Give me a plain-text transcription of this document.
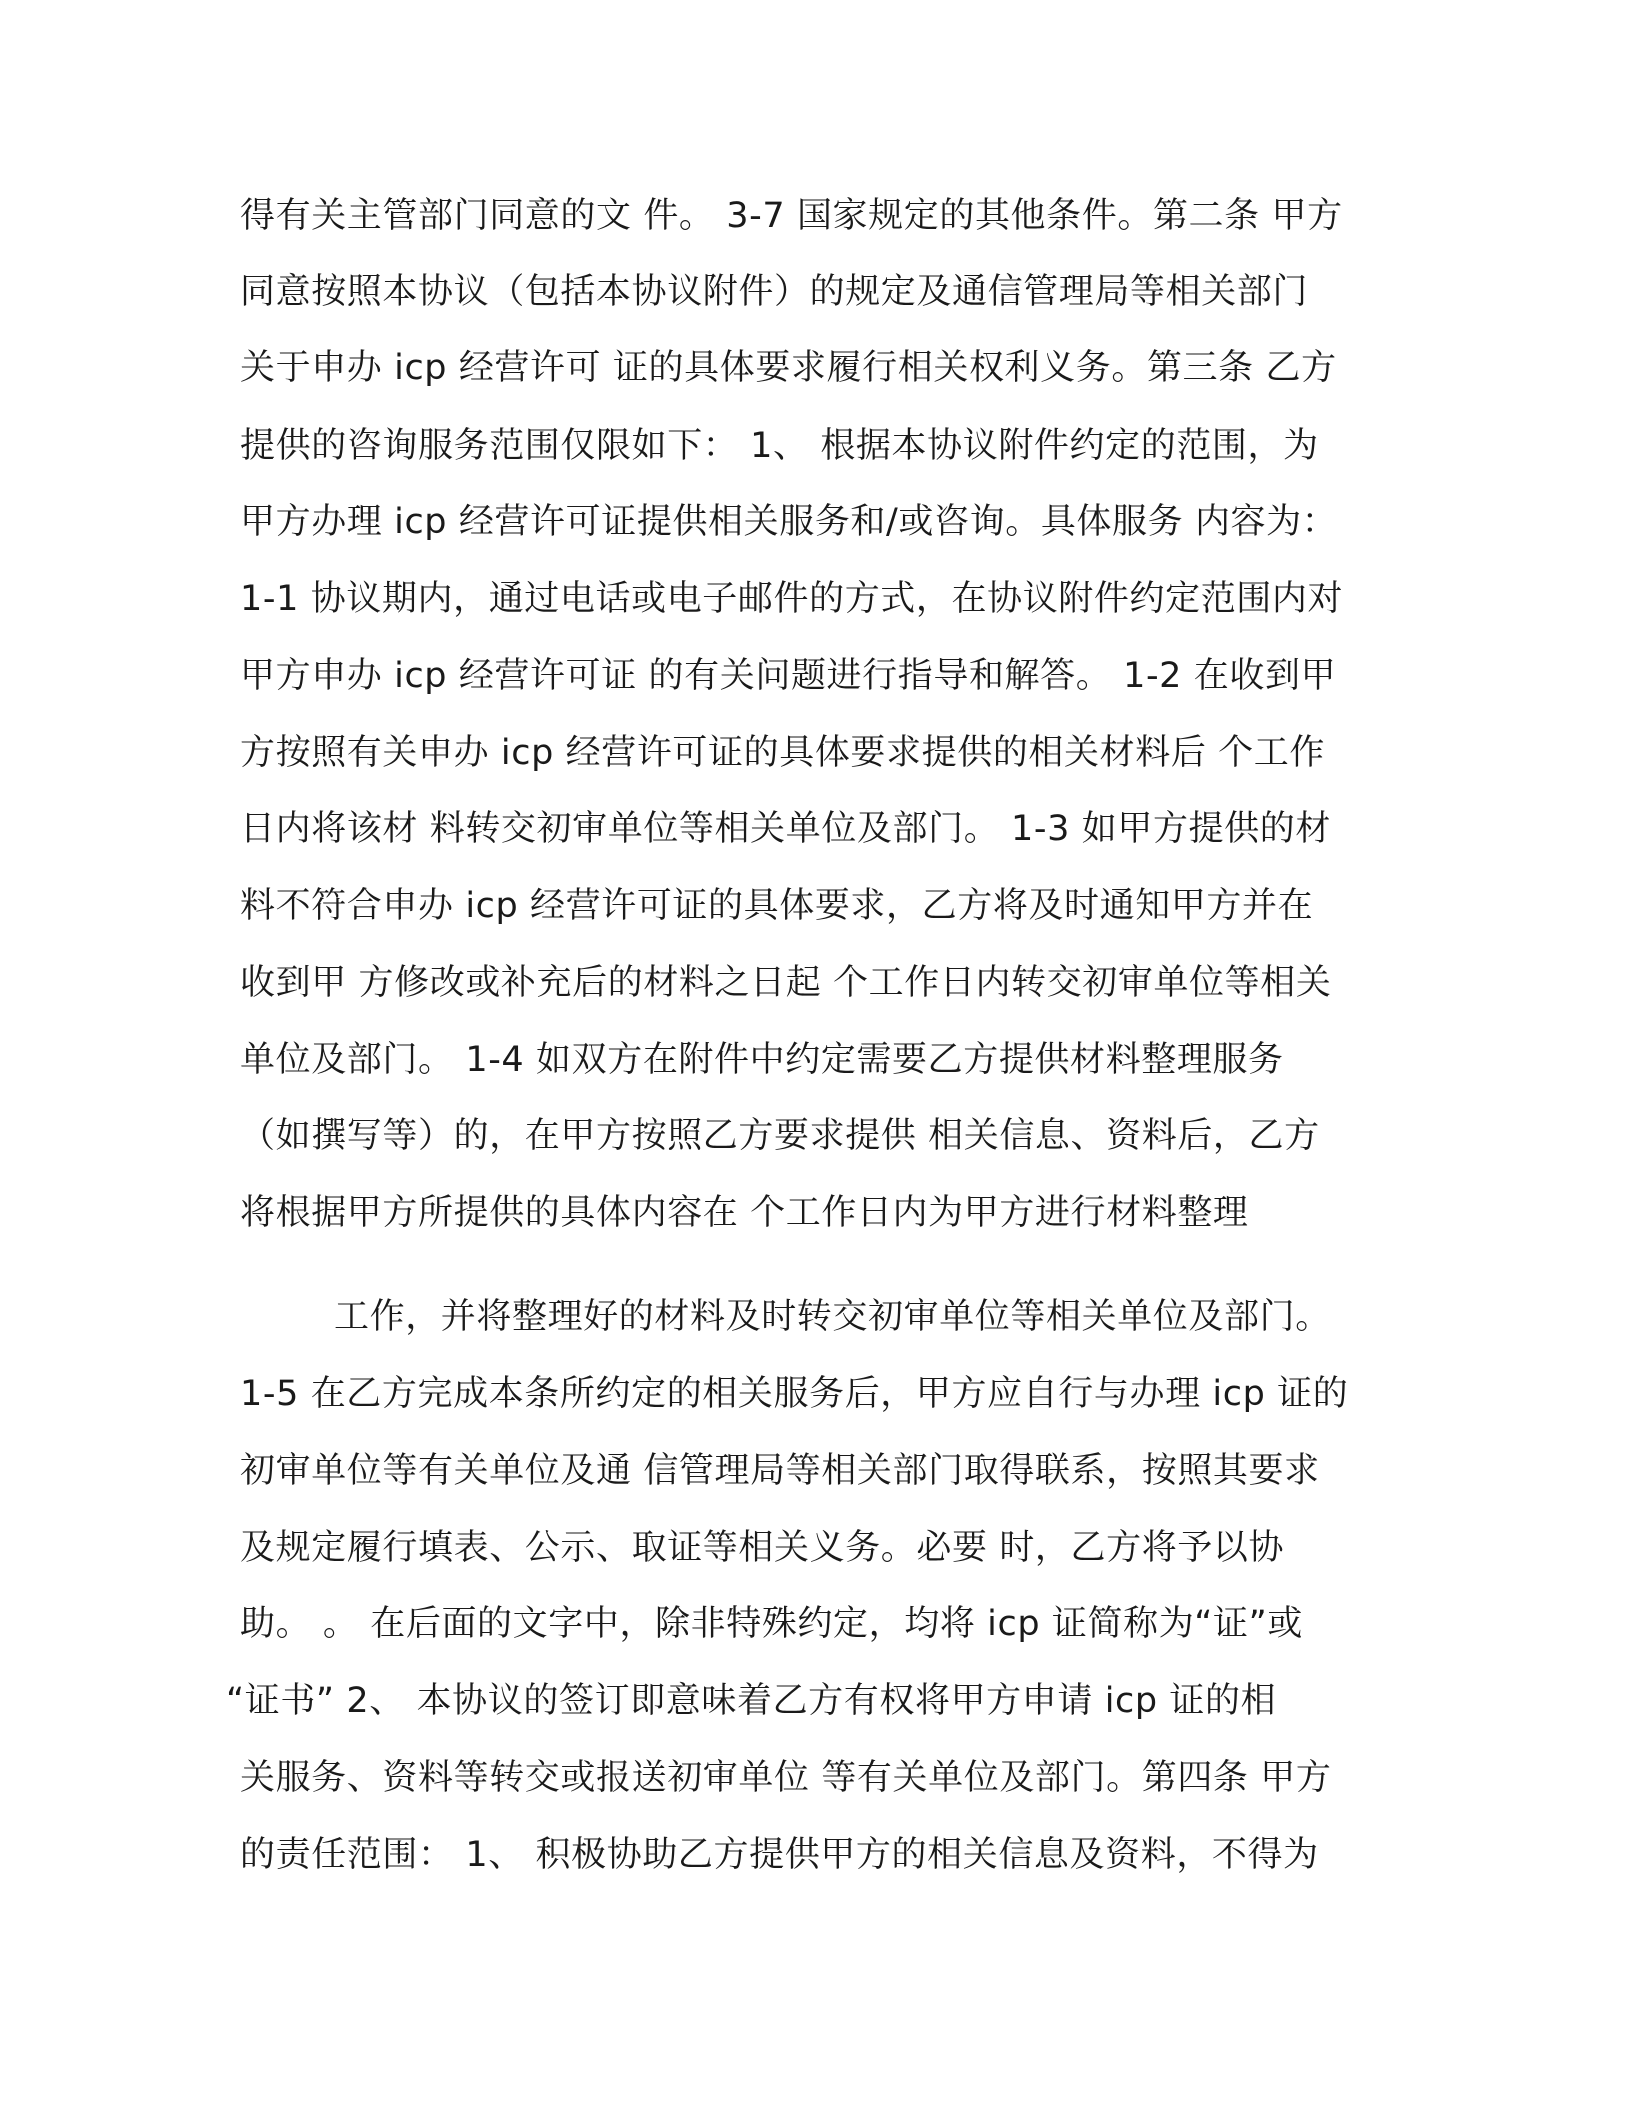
得有关主管部门同意的文 件。 3-7 国家规定的其他条件。第二条 甲方

同意按照本协议（包括本协议附件）的规定及通信管理局等相关部门

关于申办 icp 经营许可 证的具体要求履行相关权利义务。第三条 乙方

提供的咨询服务范围仅限如下： 1、 根据本协议附件约定的范围，为

甲方办理 icp 经营许可证提供相关服务和/或咨询。具体服务 内容为：

1-1 协议期内，通过电话或电子邮件的方式，在协议附件约定范围内对

甲方申办 icp 经营许可证 的有关问题进行指导和解答。 1-2 在收到甲

方按照有关申办 icp 经营许可证的具体要求提供的相关材料后 个工作

日内将该材 料转交初审单位等相关单位及部门。 1-3 如甲方提供的材

料不符合申办 icp 经营许可证的具体要求，乙方将及时通知甲方并在

收到甲 方修改或补充后的材料之日起 个工作日内转交初审单位等相关

单位及部门。 1-4 如双方在附件中约定需要乙方提供材料整理服务

（如撰写等）的，在甲方按照乙方要求提供 相关信息、资料后，乙方

将根据甲方所提供的具体内容在 个工作日内为甲方进行材料整理

工作，并将整理好的材料及时转交初审单位等相关单位及部门。

1-5 在乙方完成本条所约定的相关服务后，甲方应自行与办理 icp 证的

初审单位等有关单位及通 信管理局等相关部门取得联系，按照其要求

及规定履行填表、公示、取证等相关义务。必要 时，乙方将予以协

助。 。 在后面的文字中，除非特殊约定，均将 icp 证简称为“证”或

“证书” 2、 本协议的签订即意味着乙方有权将甲方申请 icp 证的相

关服务、资料等转交或报送初审单位 等有关单位及部门。第四条 甲方

的责任范围： 1、 积极协助乙方提供甲方的相关信息及资料，不得为
